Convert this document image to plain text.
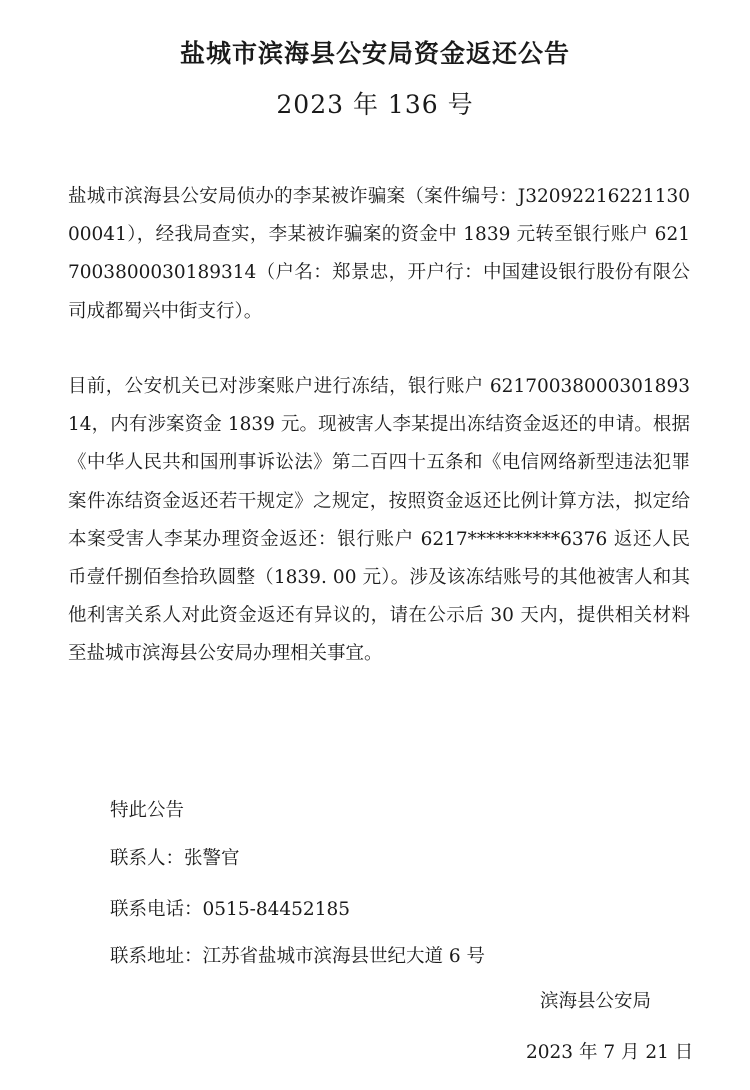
盐城市滨海县公安局资金返还公告
2023 年 136 号

盐城市滨海县公安局侦办的李某被诈骗案（案件编号：J3209221622113000041），经我局查实，李某被诈骗案的资金中 1839 元转至银行账户 6217003800030189314（户名：郑景忠，开户行：中国建设银行股份有限公司成都蜀兴中街支行）。

目前，公安机关已对涉案账户进行冻结，银行账户 6217003800030189314，内有涉案资金 1839 元。现被害人李某提出冻结资金返还的申请。根据《中华人民共和国刑事诉讼法》第二百四十五条和《电信网络新型违法犯罪案件冻结资金返还若干规定》之规定，按照资金返还比例计算方法，拟定给本案受害人李某办理资金返还：银行账户 6217**********6376 返还人民币壹仟捌佰叁拾玖圆整（1839. 00 元）。涉及该冻结账号的其他被害人和其他利害关系人对此资金返还有异议的，请在公示后 30 天内，提供相关材料至盐城市滨海县公安局办理相关事宜。

特此公告
联系人：张警官
联系电话：0515-84452185
联系地址：江苏省盐城市滨海县世纪大道 6 号
滨海县公安局
2023 年 7 月 21 日
